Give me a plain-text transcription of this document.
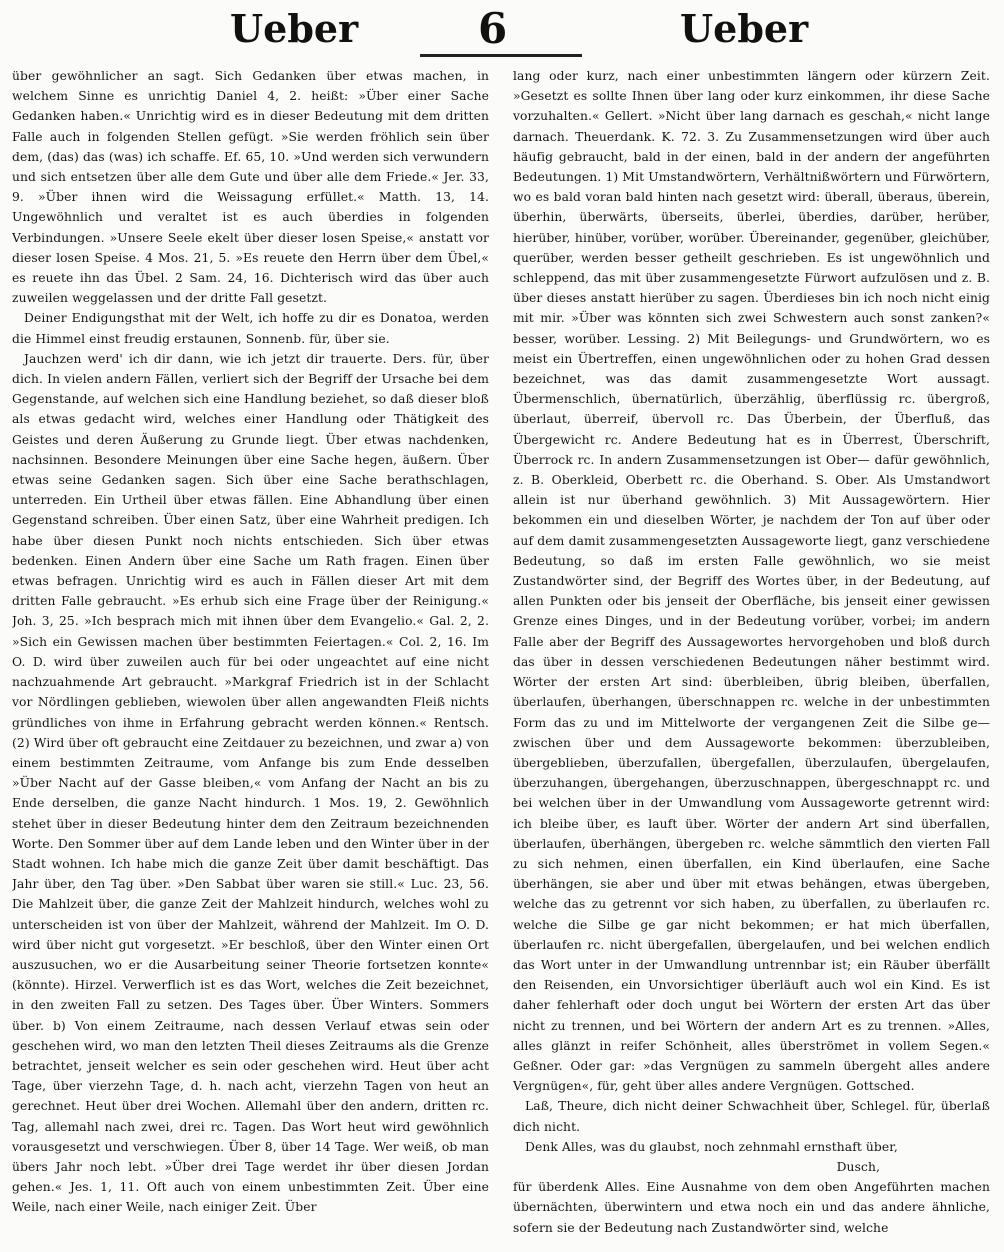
Ueber	6	Ueber

über gewöhnlicher an sagt. Sich Gedanken über etwas machen, in welchem Sinne es unrichtig Daniel 4, 2. heißt: »Über einer Sache Gedanken haben.« Unrichtig wird es in dieser Bedeutung mit dem dritten Falle auch in folgenden Stellen gefügt. »Sie werden fröhlich sein über dem, (das) das (was) ich schaffe. Ef. 65, 10. »Und werden sich verwundern und sich entsetzen über alle dem Gute und über alle dem Friede.« Jer. 33, 9. »Über ihnen wird die Weissagung erfüllet.« Matth. 13, 14. Ungewöhnlich und veraltet ist es auch überdies in folgenden Verbindungen. »Unsere Seele ekelt über dieser losen Speise,« anstatt vor dieser losen Speise. 4 Mos. 21, 5. »Es reuete den Herrn über dem Übel,« es reuete ihn das Übel. 2 Sam. 24, 16. Dichterisch wird das über auch zuweilen weggelassen und der dritte Fall gesetzt.

Deiner Endigungsthat mit der Welt, ich hoffe zu dir es Donatoa, werden die Himmel einst freudig erstaunen, Sonnenb. für, über sie.

Jauchzen werd' ich dir dann, wie ich jetzt dir trauerte. Ders. für, über dich. In vielen andern Fällen, verliert sich der Begriff der Ursache bei dem Gegenstande, auf welchen sich eine Handlung beziehet, so daß dieser bloß als etwas gedacht wird, welches einer Handlung oder Thätigkeit des Geistes und deren Äußerung zu Grunde liegt. Über etwas nachdenken, nachsinnen. Besondere Meinungen über eine Sache hegen, äußern. Über etwas seine Gedanken sagen. Sich über eine Sache berathschlagen, unterreden. Ein Urtheil über etwas fällen. Eine Abhandlung über einen Gegenstand schreiben. Über einen Satz, über eine Wahrheit predigen. Ich habe über diesen Punkt noch nichts entschieden. Sich über etwas bedenken. Einen Andern über eine Sache um Rath fragen. Einen über etwas befragen. Unrichtig wird es auch in Fällen dieser Art mit dem dritten Falle gebraucht. »Es erhub sich eine Frage über der Reinigung.« Joh. 3, 25. »Ich besprach mich mit ihnen über dem Evangelio.« Gal. 2, 2. »Sich ein Gewissen machen über bestimmten Feiertagen.« Col. 2, 16. Im O. D. wird über zuweilen auch für bei oder ungeachtet auf eine nicht nachzuahmende Art gebraucht. »Markgraf Friedrich ist in der Schlacht vor Nördlingen geblieben, wiewolen über allen angewandten Fleiß nichts gründliches von ihme in Erfahrung gebracht werden können.« Rentsch. (2) Wird über oft gebraucht eine Zeitdauer zu bezeichnen, und zwar a) von einem bestimmten Zeitraume, vom Anfange bis zum Ende desselben »Über Nacht auf der Gasse bleiben,« vom Anfang der Nacht an bis zu Ende derselben, die ganze Nacht hindurch. 1 Mos. 19, 2. Gewöhnlich stehet über in dieser Bedeutung hinter dem den Zeitraum bezeichnenden Worte. Den Sommer über auf dem Lande leben und den Winter über in der Stadt wohnen. Ich habe mich die ganze Zeit über damit beschäftigt. Das Jahr über, den Tag über. »Den Sabbat über waren sie still.« Luc. 23, 56. Die Mahlzeit über, die ganze Zeit der Mahlzeit hindurch, welches wohl zu unterscheiden ist von über der Mahlzeit, während der Mahlzeit. Im O. D. wird über nicht gut vorgesetzt. »Er beschloß, über den Winter einen Ort auszusuchen, wo er die Ausarbeitung seiner Theorie fortsetzen konnte« (könnte). Hirzel. Verwerflich ist es das Wort, welches die Zeit bezeichnet, in den zweiten Fall zu setzen. Des Tages über. Über Winters. Sommers über. b) Von einem Zeitraume, nach dessen Verlauf etwas sein oder geschehen wird, wo man den letzten Theil dieses Zeitraums als die Grenze betrachtet, jenseit welcher es sein oder geschehen wird. Heut über acht Tage, über vierzehn Tage, d. h. nach acht, vierzehn Tagen von heut an gerechnet. Heut über drei Wochen. Allemahl über den andern, dritten rc. Tag, allemahl nach zwei, drei rc. Tagen. Das Wort heut wird gewöhnlich vorausgesetzt und verschwiegen. Über 8, über 14 Tage. Wer weiß, ob man übers Jahr noch lebt. »Über drei Tage werdet ihr über diesen Jordan gehen.« Jes. 1, 11. Oft auch von einem unbestimmten Zeit. Über eine Weile, nach einer Weile, nach einiger Zeit. Über

lang oder kurz, nach einer unbestimmten längern oder kürzern Zeit. »Gesetzt es sollte Ihnen über lang oder kurz einkommen, ihr diese Sache vorzuhalten.« Gellert. »Nicht über lang darnach es geschah,« nicht lange darnach. Theuerdank. K. 72. 3. Zu Zusammensetzungen wird über auch häufig gebraucht, bald in der einen, bald in der andern der angeführten Bedeutungen. 1) Mit Umstandwörtern, Verhältnißwörtern und Fürwörtern, wo es bald voran bald hinten nach gesetzt wird: überall, überaus, überein, überhin, überwärts, überseits, überlei, überdies, darüber, herüber, hierüber, hinüber, vorüber, worüber. Übereinander, gegenüber, gleichüber, querüber, werden besser getheilt geschrieben. Es ist ungewöhnlich und schleppend, das mit über zusammengesetzte Fürwort aufzulösen und z. B. über dieses anstatt hierüber zu sagen. Überdieses bin ich noch nicht einig mit mir. »Über was könnten sich zwei Schwestern auch sonst zanken?« besser, worüber. Lessing. 2) Mit Beilegungs- und Grundwörtern, wo es meist ein Übertreffen, einen ungewöhnlichen oder zu hohen Grad dessen bezeichnet, was das damit zusammengesetzte Wort aussagt. Übermenschlich, übernatürlich, überzählig, überflüssig rc. übergroß, überlaut, überreif, übervoll rc. Das Überbein, der Überfluß, das Übergewicht rc. Andere Bedeutung hat es in Überrest, Überschrift, Überrock rc. In andern Zusammensetzungen ist Ober— dafür gewöhnlich, z. B. Oberkleid, Oberbett rc. die Oberhand. S. Ober. Als Umstandwort allein ist nur überhand gewöhnlich. 3) Mit Aussagewörtern. Hier bekommen ein und dieselben Wörter, je nachdem der Ton auf über oder auf dem damit zusammengesetzten Aussageworte liegt, ganz verschiedene Bedeutung, so daß im ersten Falle gewöhnlich, wo sie meist Zustandwörter sind, der Begriff des Wortes über, in der Bedeutung, auf allen Punkten oder bis jenseit der Oberfläche, bis jenseit einer gewissen Grenze eines Dinges, und in der Bedeutung vorüber, vorbei; im andern Falle aber der Begriff des Aussagewortes hervorgehoben und bloß durch das über in dessen verschiedenen Bedeutungen näher bestimmt wird. Wörter der ersten Art sind: überbleiben, übrig bleiben, überfallen, überlaufen, überhangen, überschnappen rc. welche in der unbestimmten Form das zu und im Mittelworte der vergangenen Zeit die Silbe ge— zwischen über und dem Aussageworte bekommen: überzubleiben, übergeblieben, überzufallen, übergefallen, überzulaufen, übergelaufen, überzuhangen, übergehangen, überzuschnappen, übergeschnappt rc. und bei welchen über in der Umwandlung vom Aussageworte getrennt wird: ich bleibe über, es lauft über. Wörter der andern Art sind überfallen, überlaufen, überhängen, übergeben rc. welche sämmtlich den vierten Fall zu sich nehmen, einen überfallen, ein Kind überlaufen, eine Sache überhängen, sie aber und über mit etwas behängen, etwas übergeben, welche das zu getrennt vor sich haben, zu überfallen, zu überlaufen rc. welche die Silbe ge gar nicht bekommen; er hat mich überfallen, überlaufen rc. nicht übergefallen, übergelaufen, und bei welchen endlich das Wort unter in der Umwandlung untrennbar ist; ein Räuber überfällt den Reisenden, ein Unvorsichtiger überläuft auch wol ein Kind. Es ist daher fehlerhaft oder doch ungut bei Wörtern der ersten Art das über nicht zu trennen, und bei Wörtern der andern Art es zu trennen. »Alles, alles glänzt in reifer Schönheit, alles überströmet in vollem Segen.« Geßner. Oder gar: »das Vergnügen zu sammeln übergeht alles andere Vergnügen«, für, geht über alles andere Vergnügen. Gottsched.

Laß, Theure, dich nicht deiner Schwachheit über, Schlegel. für, überlaß dich nicht.

Denk Alles, was du glaubst, noch zehnmahl ernsthaft über,

Dusch,

für überdenk Alles. Eine Ausnahme von dem oben Angeführten machen übernächten, überwintern und etwa noch ein und das andere ähnliche, sofern sie der Bedeutung nach Zustandwörter sind, welche
